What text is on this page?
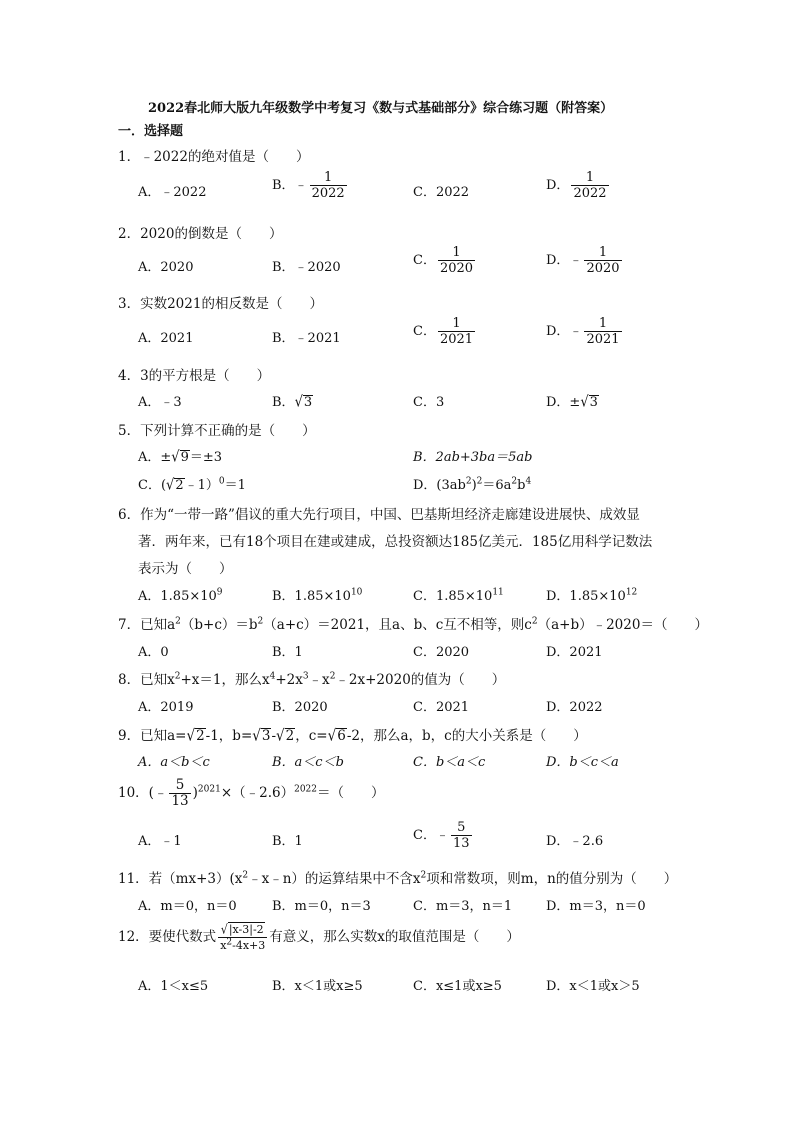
2022春北师大版九年级数学中考复习《数与式基础部分》综合练习题（附答案）
一．选择题
1．﹣2022的绝对值是（　　）
A．﹣2022	B．﹣ $\frac{1}{2022}$	C．2022	D． $\frac{1}{2022}$
2．2020的倒数是（　　）
A．2020	B．﹣2020	C． $\frac{1}{2020}$	D．﹣ $\frac{1}{2020}$
3．实数2021的相反数是（　　）
A．2021	B．﹣2021	C． $\frac{1}{2021}$	D．﹣ $\frac{1}{2021}$
4．3的平方根是（　　）
A．﹣3	B．√3	C．3	D．±√3
5．下列计算不正确的是（　　）
A．±√9＝±3	B．2ab+3ba＝5ab
C．(√2﹣1）$^0$＝1	D．$(3ab^2)^2=6a^2b^4$
6．作为“一带一路”倡议的重大先行项目，中国、巴基斯坦经济走廊建设进展快、成效显
著．两年来，已有18个项目在建或建成，总投资额达185亿美元．185亿用科学记数法
表示为（　　）
A．$1.85\times 10^9$	B．$1.85\times 10^{10}$	C．$1.85\times 10^{11}$	D．$1.85\times 10^{12}$
7．已知$a^2(b+c)=b^2(a+c)=2021$，且a、b、c互不相等，则$c^2(a+b)﹣2020=$（　　）
A．0	B．1	C．2020	D．2021
8．已知$x^2+x=1$，那么$x^4+2x^3﹣x^2﹣2x+2020$的值为（　　）
A．2019	B．2020	C．2021	D．2022
9．已知a=√2-1，b=√3-√2，c=√6-2，那么a，b，c的大小关系是（　　）
A．a＜b＜c	B．a＜c＜b	C．b＜a＜c	D．b＜c＜a
10．(﹣ $\frac{5}{13}$ )$^{2021}$×（﹣2.6）$^{2022}$＝（　　）
A．﹣1	B．1	C．﹣ $\frac{5}{13}$	D．﹣2.6
11．若$(mx+3)(x^2﹣x﹣n)$的运算结果中不含$x^2$项和常数项，则m，n的值分别为（　　）
A．m＝0，n＝0	B．m＝0，n＝3	C．m＝3，n＝1	D．m＝3，n＝0
12．要使代数式 $\frac{√|x-3|-2}{x^2-4x+3}$ 有意义，那么实数x的取值范围是（　　）
A．1＜x≤5	B．x＜1或x≥5	C．x≤1或x≥5	D．x＜1或x＞5
